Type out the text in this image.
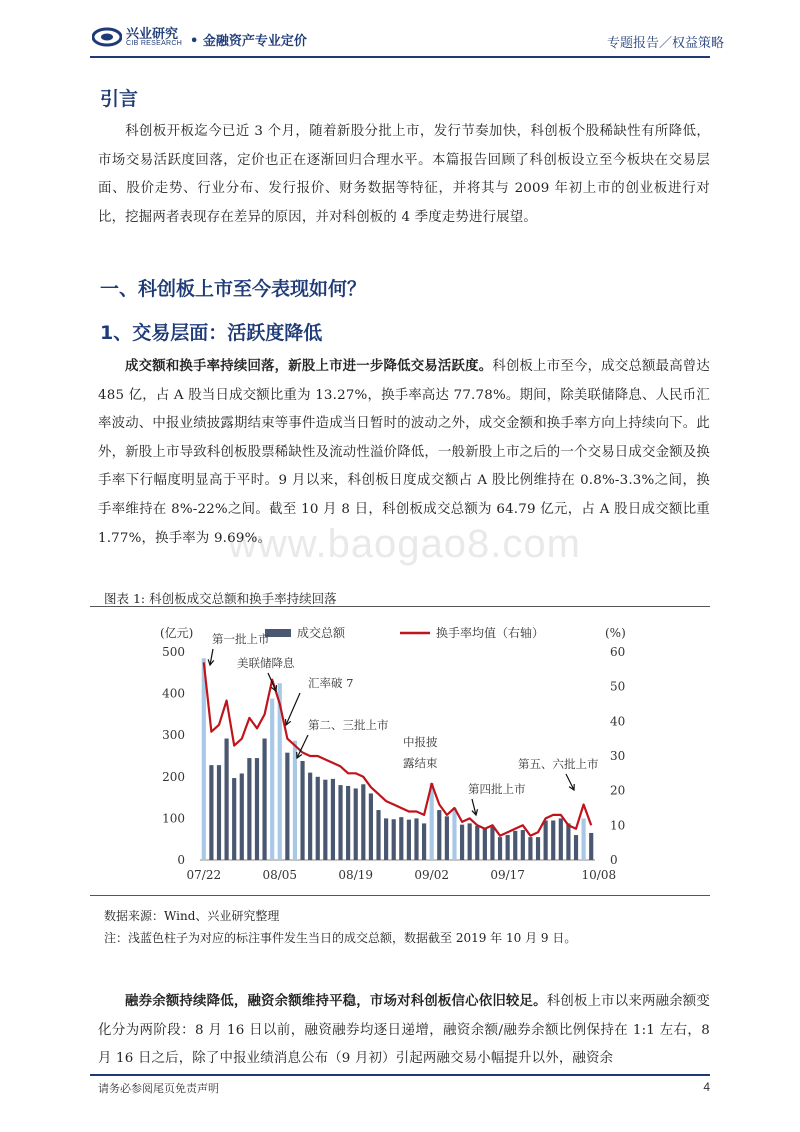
兴业研究
CIB RESEARCH • 金融资产专业定价	专题报告／权益策略
www.baogao8.com
引言
科创板开板迄今已近 3 个月，随着新股分批上市，发行节奏加快，科创板个股稀缺性有所降低，市场交易活跃度回落，定价也正在逐渐回归合理水平。本篇报告回顾了科创板设立至今板块在交易层面、股价走势、行业分布、发行报价、财务数据等特征，并将其与 2009 年初上市的创业板进行对比，挖掘两者表现存在差异的原因，并对科创板的 4 季度走势进行展望。
一、科创板上市至今表现如何？
1、交易层面：活跃度降低
成交额和换手率持续回落，新股上市进一步降低交易活跃度。科创板上市至今，成交总额最高曾达 485 亿，占 A 股当日成交额比重为 13.27%，换手率高达 77.78%。期间，除美联储降息、人民币汇率波动、中报业绩披露期结束等事件造成当日暂时的波动之外，成交金额和换手率方向上持续向下。此外，新股上市导致科创板股票稀缺性及流动性溢价降低，一般新股上市之后的一个交易日成交金额及换手率下行幅度明显高于平时。9 月以来，科创板日度成交额占 A 股比例维持在 0.8%-3.3%之间，换手率维持在 8%-22%之间。截至 10 月 8 日，科创板成交总额为 64.79 亿元，占 A 股日成交额比重 1.77%，换手率为 9.69%。
图表 1: 科创板成交总额和换手率持续回落
0
100
200
300
400
500
0
10
20
30
40
50
60
(亿元)	(%)
07/22	08/05	08/19	09/02	09/17	10/08
成交总额	换手率均值（右轴）
第一批上市
美联储降息
汇率破 7
第二、三批上市
中报披
露结束
第四批上市
第五、六批上市
数据来源：Wind、兴业研究整理
注：浅蓝色柱子为对应的标注事件发生当日的成交总额，数据截至 2019 年 10 月 9 日。
融券余额持续降低，融资余额维持平稳，市场对科创板信心依旧较足。科创板上市以来两融余额变化分为两阶段：8 月 16 日以前，融资融券均逐日递增，融资余额/融券余额比例保持在 1:1 左右，8 月 16 日之后，除了中报业绩消息公布（9 月初）引起两融交易小幅提升以外，融资余
请务必参阅尾页免责声明	4
